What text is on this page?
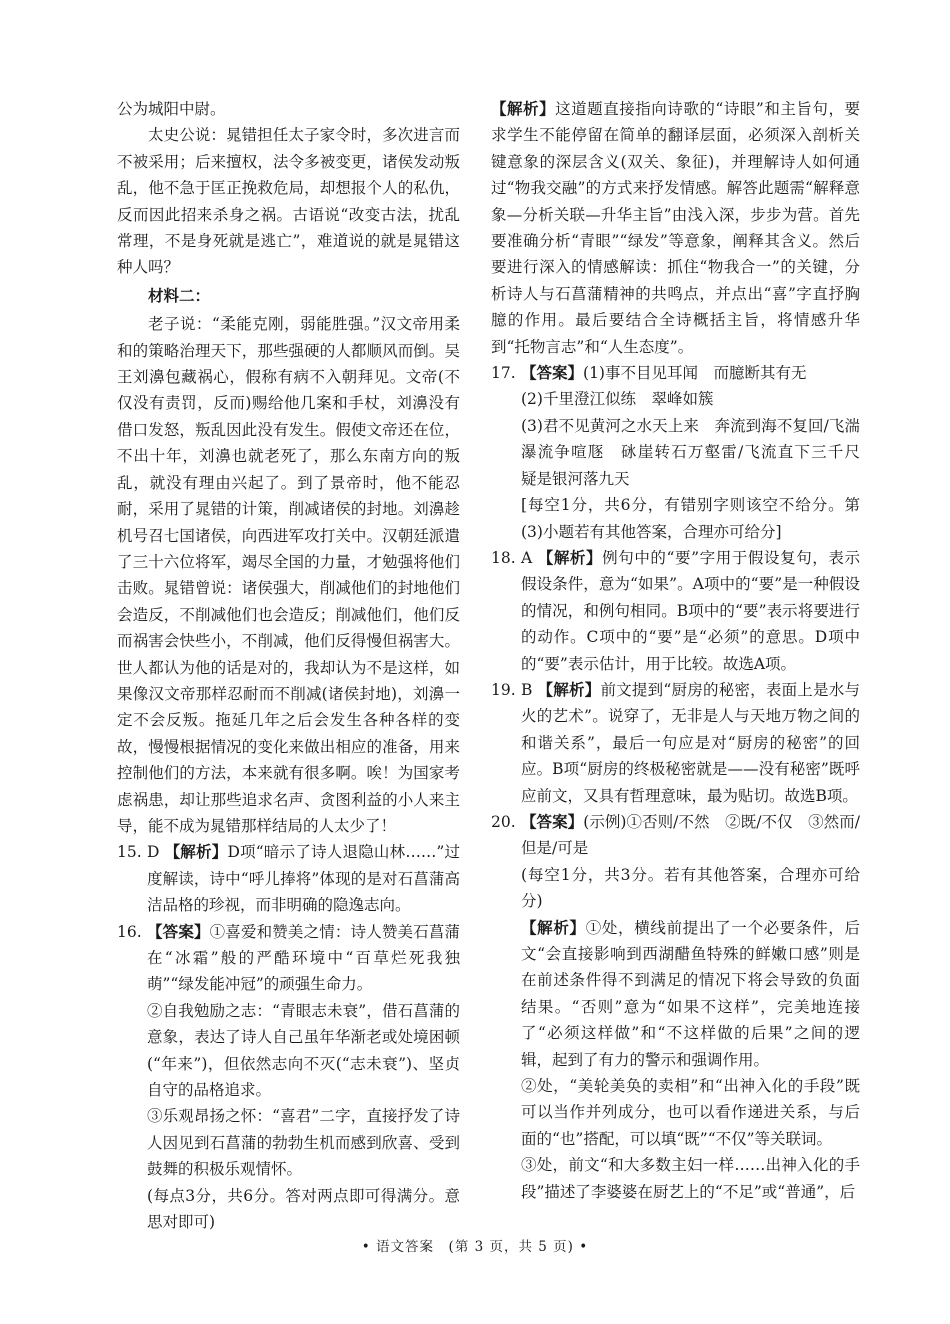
公为城阳中尉。

太史公说：晁错担任太子家令时，多次进言而不被采用；后来擅权，法令多被变更，诸侯发动叛乱，他不急于匡正挽救危局，却想报个人的私仇，反而因此招来杀身之祸。古语说“改变古法，扰乱常理，不是身死就是逃亡”，难道说的就是晁错这种人吗？

材料二：

老子说：“柔能克刚，弱能胜强。”汉文帝用柔和的策略治理天下，那些强硬的人都顺风而倒。吴王刘濞包藏祸心，假称有病不入朝拜见。文帝(不仅没有责罚，反而)赐给他几案和手杖，刘濞没有借口发怒，叛乱因此没有发生。假使文帝还在位，不出十年，刘濞也就老死了，那么东南方向的叛乱，就没有理由兴起了。到了景帝时，他不能忍耐，采用了晁错的计策，削减诸侯的封地。刘濞趁机号召七国诸侯，向西进军攻打关中。汉朝廷派遣了三十六位将军，竭尽全国的力量，才勉强将他们击败。晁错曾说：诸侯强大，削减他们的封地他们会造反，不削减他们也会造反；削减他们，他们反而祸害会快些小，不削减，他们反得慢但祸害大。世人都认为他的话是对的，我却认为不是这样，如果像汉文帝那样忍耐而不削减(诸侯封地)，刘濞一定不会反叛。拖延几年之后会发生各种各样的变故，慢慢根据情况的变化来做出相应的准备，用来控制他们的方法，本来就有很多啊。唉！为国家考虑祸患，却让那些追求名声、贪图利益的小人来主导，能不成为晁错那样结局的人太少了！

15. D 【解析】D项“暗示了诗人退隐山林……”过度解读，诗中“呼儿捧将”体现的是对石菖蒲高洁品格的珍视，而非明确的隐逸志向。
16. 【答案】①喜爱和赞美之情：诗人赞美石菖蒲在“冰霜”般的严酷环境中“百草烂死我独萌”“绿发能冲冠”的顽强生命力。

②自我勉励之志：“青眼志未衰”，借石菖蒲的意象，表达了诗人自己虽年华渐老或处境困顿(“年来”)，但依然志向不灭(“志未衰”)、坚贞自守的品格追求。

③乐观昂扬之怀：“喜君”二字，直接抒发了诗人因见到石菖蒲的勃勃生机而感到欣喜、受到鼓舞的积极乐观情怀。

(每点3分，共6分。答对两点即可得满分。意思对即可)

【解析】这道题直接指向诗歌的“诗眼”和主旨句，要求学生不能停留在简单的翻译层面，必须深入剖析关键意象的深层含义(双关、象征)，并理解诗人如何通过“物我交融”的方式来抒发情感。解答此题需“解释意象—分析关联—升华主旨”由浅入深，步步为营。首先要准确分析“青眼”“绿发”等意象，阐释其含义。然后要进行深入的情感解读：抓住“物我合一”的关键，分析诗人与石菖蒲精神的共鸣点，并点出“喜”字直抒胸臆的作用。最后要结合全诗概括主旨，将情感升华到“托物言志”和“人生态度”。

17. 【答案】(1)事不目见耳闻　而臆断其有无

(2)千里澄江似练　翠峰如簇

(3)君不见黄河之水天上来　奔流到海不复回/飞湍瀑流争喧豗　砯崖转石万壑雷/飞流直下三千尺　疑是银河落九天

[每空1分，共6分，有错别字则该空不给分。第(3)小题若有其他答案，合理亦可给分]

18. A 【解析】例句中的“要”字用于假设复句，表示假设条件，意为“如果”。A项中的“要”是一种假设的情况，和例句相同。B项中的“要”表示将要进行的动作。C项中的“要”是“必须”的意思。D项中的“要”表示估计，用于比较。故选A项。
19. B 【解析】前文提到“厨房的秘密，表面上是水与火的艺术”。说穿了，无非是人与天地万物之间的和谐关系”，最后一句应是对“厨房的秘密”的回应。B项“厨房的终极秘密就是——没有秘密”既呼应前文，又具有哲理意味，最为贴切。故选B项。
20. 【答案】(示例)①否则/不然　②既/不仅　③然而/但是/可是

(每空1分，共3分。若有其他答案，合理亦可给分)

【解析】①处，横线前提出了一个必要条件，后文“会直接影响到西湖醋鱼特殊的鲜嫩口感”则是在前述条件得不到满足的情况下将会导致的负面结果。“否则”意为“如果不这样”，完美地连接了“必须这样做”和“不这样做的后果”之间的逻辑，起到了有力的警示和强调作用。

②处，“美轮美奂的卖相”和“出神入化的手段”既可以当作并列成分，也可以看作递进关系，与后面的“也”搭配，可以填“既”“不仅”等关联词。

③处，前文“和大多数主妇一样……出神入化的手段”描述了李婆婆在厨艺上的“不足”或“普通”，后

• 语文答案　(第 3 页，共 5 页) •
